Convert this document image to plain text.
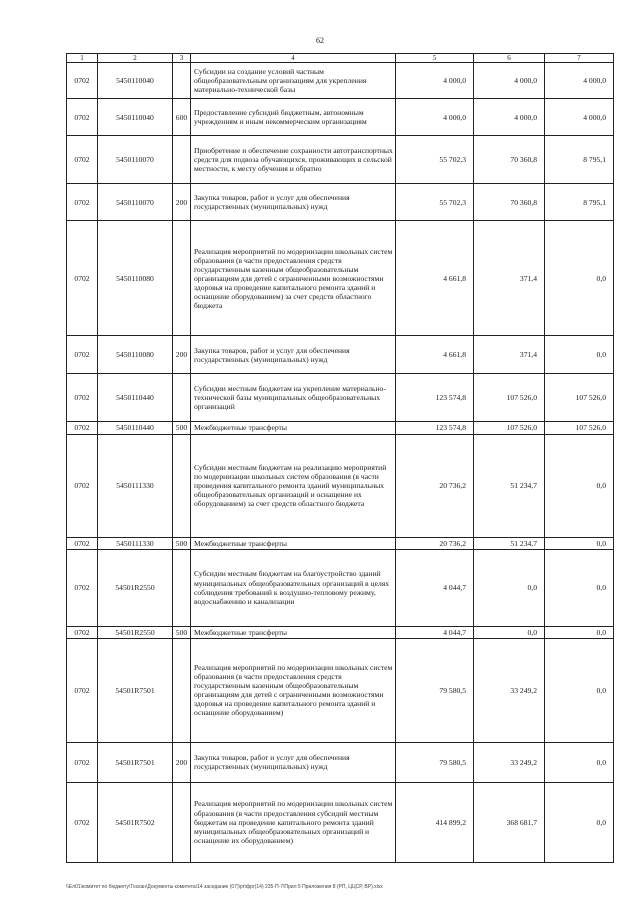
62
1	2	3	4	5	6	7
0702	5450110040		Субсидии на создание условий частным общеобразовательным организациям для укрепления материально-технической базы	4 000,0	4 000,0	4 000,0
0702	5450110040	600	Предоставление субсидий бюджетным, автономным учреждениям и иным некоммерческим организациям	4 000,0	4 000,0	4 000,0
0702	5450110070		Приобретение и обеспечение сохранности автотранспортных средств для подвоза обучающихся, проживающих в сельской местности, к месту обучения и обратно	55 702,3	70 360,8	8 795,1
0702	5450110070	200	Закупка товаров, работ и услуг для обеспечения государственных (муниципальных) нужд	55 702,3	70 360,8	8 795,1
0702	5450110080		Реализация мероприятий по модернизации школьных систем образования (в части предоставления средств государственным казенным общеобразовательным организациям для детей с ограниченными возможностями здоровья на проведение капитального ремонта зданий и оснащение оборудованием) за счет средств областного бюджета	4 661,8	371,4	0,0
0702	5450110080	200	Закупка товаров, работ и услуг для обеспечения государственных (муниципальных) нужд	4 661,8	371,4	0,0
0702	5450110440		Субсидии местным бюджетам на укрепление материально-технической базы муниципальных общеобразовательных организаций	123 574,8	107 526,0	107 526,0
0702	5450110440	500	Межбюджетные трансферты	123 574,8	107 526,0	107 526,0
0702	5450111330		Субсидии местным бюджетам на реализацию мероприятий по модернизации школьных систем образования (в части проведения капитального ремонта зданий муниципальных общеобразовательных организаций и оснащение их оборудованием) за счет средств областного бюджета	20 736,2	51 234,7	0,0
0702	5450111330	500	Межбюджетные трансферты	20 736,2	51 234,7	0,0
0702	54501R2550		Субсидии местным бюджетам на благоустройство зданий муниципальных общеобразовательных организаций в целях соблюдения требований к воздушно-тепловому режиму, водоснабжению и канализации	4 044,7	0,0	0,0
0702	54501R2550	500	Межбюджетные трансферты	4 044,7	0,0	0,0
0702	54501R7501		Реализация мероприятий по модернизации школьных систем образования (в части предоставления средств государственным казенным общеобразовательным организациям для детей с ограниченными возможностями здоровья на проведение капитального ремонта зданий и оснащение оборудованием)	79 580,5	33 249,2	0,0
0702	54501R7501	200	Закупка товаров, работ и услуг для обеспечения государственных (муниципальных) нужд	79 580,5	33 249,2	0,0
0702	54501R7502		Реализация мероприятий по модернизации школьных систем образования (в части предоставления субсидий местным бюджетам на проведение капитального ремонта зданий муниципальных общеобразовательных организаций и оснащение их оборудованием)	414 899,2	368 681,7	0,0
\\Ел01\комитет по бюджету\Тоскан\Документы комитета\14 заседание (07)\рг\фрг(14) 235-П-7\Прил 5 Приложения 8 (РП, ЦЦСР, ВР).xlsx
